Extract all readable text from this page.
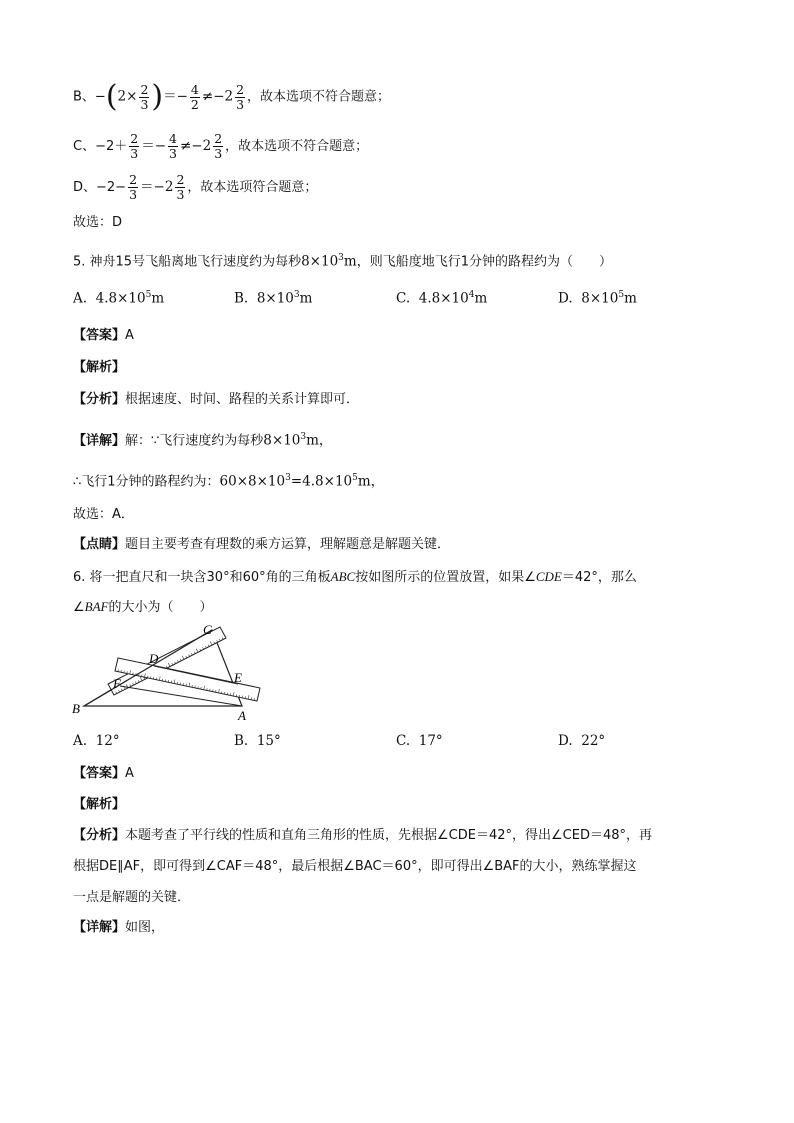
B、$-(2\times \frac{2}{3}$ )＝− $\frac{4}{2} \ne-2 \frac{2}{3}$ ，故本选项不符合题意；
C、$-2+ \frac{2}{3} =- \frac{4}{3} \ne-2 \frac{2}{3}$ ，故本选项不符合题意；
D、$-2- \frac{2}{3} =-2 \frac{2}{3}$ ，故本选项符合题意；
故选：D
5. 神舟15号飞船离地飞行速度约为每秒$8\times 10^3m$，则飞船度地飞行1分钟的路程约为（　　）
A. $4.8\times 10^5m$	B. $8\times 10^3m$	C. $4.8\times 10^4m$	D. $8\times 10^5m$
【答案】A
【解析】
【分析】根据速度、时间、路程的关系计算即可．
【详解】解：∵飞行速度约为每秒$8\times 10^3m$，
∴飞行1分钟的路程约为：$60\times 8\times 10^3=4.8\times 10^5m$，
故选：A．
【点睛】题目主要考查有理数的乘方运算，理解题意是解题关键．
6. 将一把直尺和一块含30°和60°角的三角板ABC按如图所示的位置放置，如果∠CDE＝42°，那么
∠BAF的大小为（　　）
C
D
E
F
B	A
A. 12°	B. 15°	C. 17°	D. 22°
【答案】A
【解析】
【分析】本题考查了平行线的性质和直角三角形的性质，先根据∠CDE＝42°，得出∠CED＝48°，再
根据DE∥AF，即可得到∠CAF＝48°，最后根据∠BAC＝60°，即可得出∠BAF的大小，熟练掌握这
一点是解题的关键．
【详解】如图，
